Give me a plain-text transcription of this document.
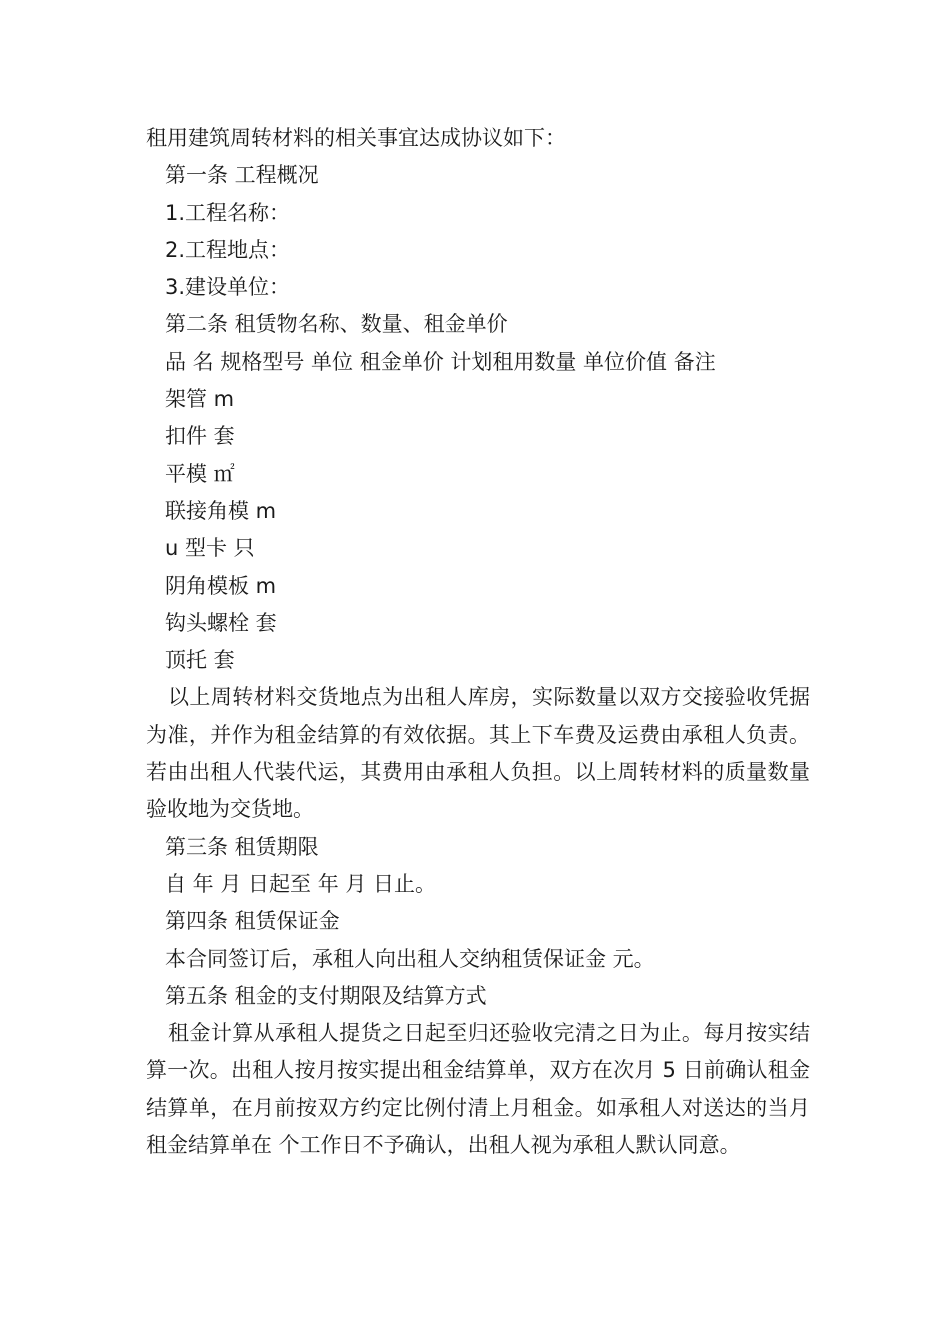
租用建筑周转材料的相关事宜达成协议如下：
第一条 工程概况
1.工程名称：
2.工程地点：
3.建设单位：
第二条 租赁物名称、数量、租金单价
品 名 规格型号 单位 租金单价 计划租用数量 单位价值 备注
架管 m
扣件 套
平模 ㎡
联接角模 m
u 型卡 只
阴角模板 m
钩头螺栓 套
顶托 套
以上周转材料交货地点为出租人库房，实际数量以双方交接验收凭据为准，并作为租金结算的有效依据。其上下车费及运费由承租人负责。若由出租人代装代运，其费用由承租人负担。以上周转材料的质量数量验收地为交货地。
第三条 租赁期限
自 年 月 日起至 年 月 日止。
第四条 租赁保证金
本合同签订后，承租人向出租人交纳租赁保证金 元。
第五条 租金的支付期限及结算方式
租金计算从承租人提货之日起至归还验收完清之日为止。每月按实结算一次。出租人按月按实提出租金结算单，双方在次月 5 日前确认租金结算单，在月前按双方约定比例付清上月租金。如承租人对送达的当月租金结算单在 个工作日不予确认，出租人视为承租人默认同意。
